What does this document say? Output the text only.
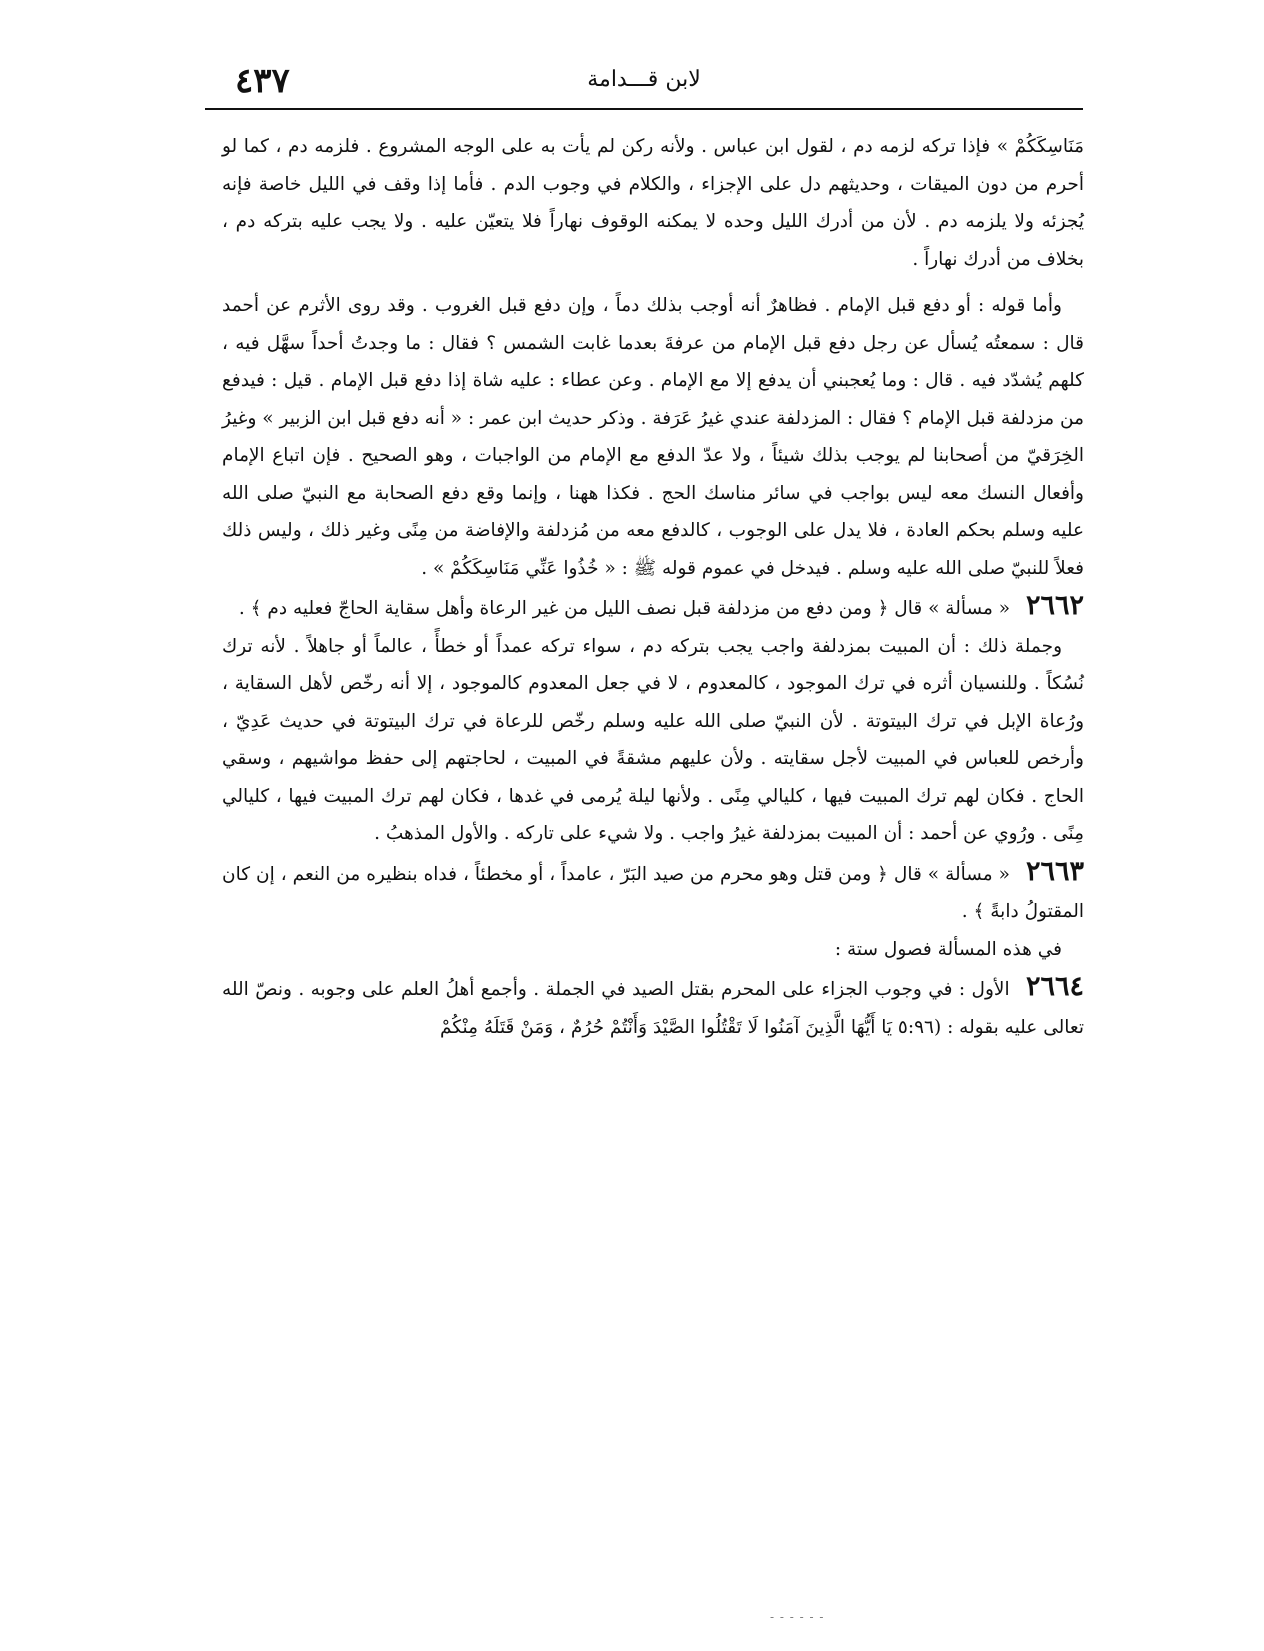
٤٣٧	لابن قـــدامة

مَنَاسِكَكُمْ » فإذا تركه لزمه دم ، لقول ابن عباس . ولأنه ركن لم يأت به على الوجه المشروع . فلزمه دم ، كما لو أحرم من دون الميقات ، وحديثهم دل على الإجزاء ، والكلام في وجوب الدم . فأما إذا وقف في الليل خاصة فإنه يُجزئه ولا يلزمه دم . لأن من أدرك الليل وحده لا يمكنه الوقوف نهاراً فلا يتعيّن عليه . ولا يجب عليه بتركه دم ، بخلاف من أدرك نهاراً .

وأما قوله : أو دفع قبل الإمام . فظاهرٌ أنه أوجب بذلك دماً ، وإن دفع قبل الغروب . وقد روى الأثرم عن أحمد قال : سمعتُه يُسأل عن رجل دفع قبل الإمام من عرفةَ بعدما غابت الشمس ؟ فقال : ما وجدتُ أحداً سهَّل فيه ، كلهم يُشدّد فيه . قال : وما يُعجبني أن يدفع إلا مع الإمام . وعن عطاء : عليه شاة إذا دفع قبل الإمام . قيل : فيدفع من مزدلفة قبل الإمام ؟ فقال : المزدلفة عندي غيرُ عَرَفة . وذكر حديث ابن عمر : « أنه دفع قبل ابن الزبير » وغيرُ الخِرَقيّ من أصحابنا لم يوجب بذلك شيئاً ، ولا عدّ الدفع مع الإمام من الواجبات ، وهو الصحيح . فإن اتباع الإمام وأفعال النسك معه ليس بواجب في سائر مناسك الحج . فكذا ههنا ، وإنما وقع دفع الصحابة مع النبيّ صلى الله عليه وسلم بحكم العادة ، فلا يدل على الوجوب ، كالدفع معه من مُزدلفة والإفاضة من مِنًى وغير ذلك ، وليس ذلك فعلاً للنبيّ صلى الله عليه وسلم . فيدخل في عموم قوله ﷺ : « خُذُوا عَنِّي مَنَاسِكَكُمْ » .

٢٦٦٢ « مسألة » قال ﴿ ومن دفع من مزدلفة قبل نصف الليل من غير الرعاة وأهل سقاية الحاجّ فعليه دم ﴾ .

وجملة ذلك : أن المبيت بمزدلفة واجب يجب بتركه دم ، سواء تركه عمداً أو خطأً ، عالماً أو جاهلاً . لأنه ترك نُسُكاً . وللنسيان أثره في ترك الموجود ، كالمعدوم ، لا في جعل المعدوم كالموجود ، إلا أنه رخّص لأهل السقاية ، ورُعاة الإبل في ترك البيتوتة . لأن النبيّ صلى الله عليه وسلم رخّص للرعاة في ترك البيتوتة في حديث عَدِيّ ، وأرخص للعباس في المبيت لأجل سقايته . ولأن عليهم مشقةً في المبيت ، لحاجتهم إلى حفظ مواشيهم ، وسقي الحاج . فكان لهم ترك المبيت فيها ، كليالي مِنًى . ولأنها ليلة يُرمى في غدها ، فكان لهم ترك المبيت فيها ، كليالي مِنًى . ورُوي عن أحمد : أن المبيت بمزدلفة غيرُ واجب . ولا شيء على تاركه . والأول المذهبُ .

٢٦٦٣ « مسألة » قال ﴿ ومن قتل وهو محرم من صيد البَرّ ، عامداً ، أو مخطئاً ، فداه بنظيره من النعم ، إن كان المقتولُ دابةً ﴾ .

في هذه المسألة فصول ستة :

٢٦٦٤ الأول : في وجوب الجزاء على المحرم بقتل الصيد في الجملة . وأجمع أهلُ العلم على وجوبه . ونصّ الله تعالى عليه بقوله : (٥:٩٦ يَا أَيُّهَا الَّذِينَ آمَنُوا لَا تَقْتُلُوا الصَّيْدَ وَأَنْتُمْ حُرُمٌ ، وَمَنْ قَتَلَهُ مِنْكُمْ

- - - - - -
